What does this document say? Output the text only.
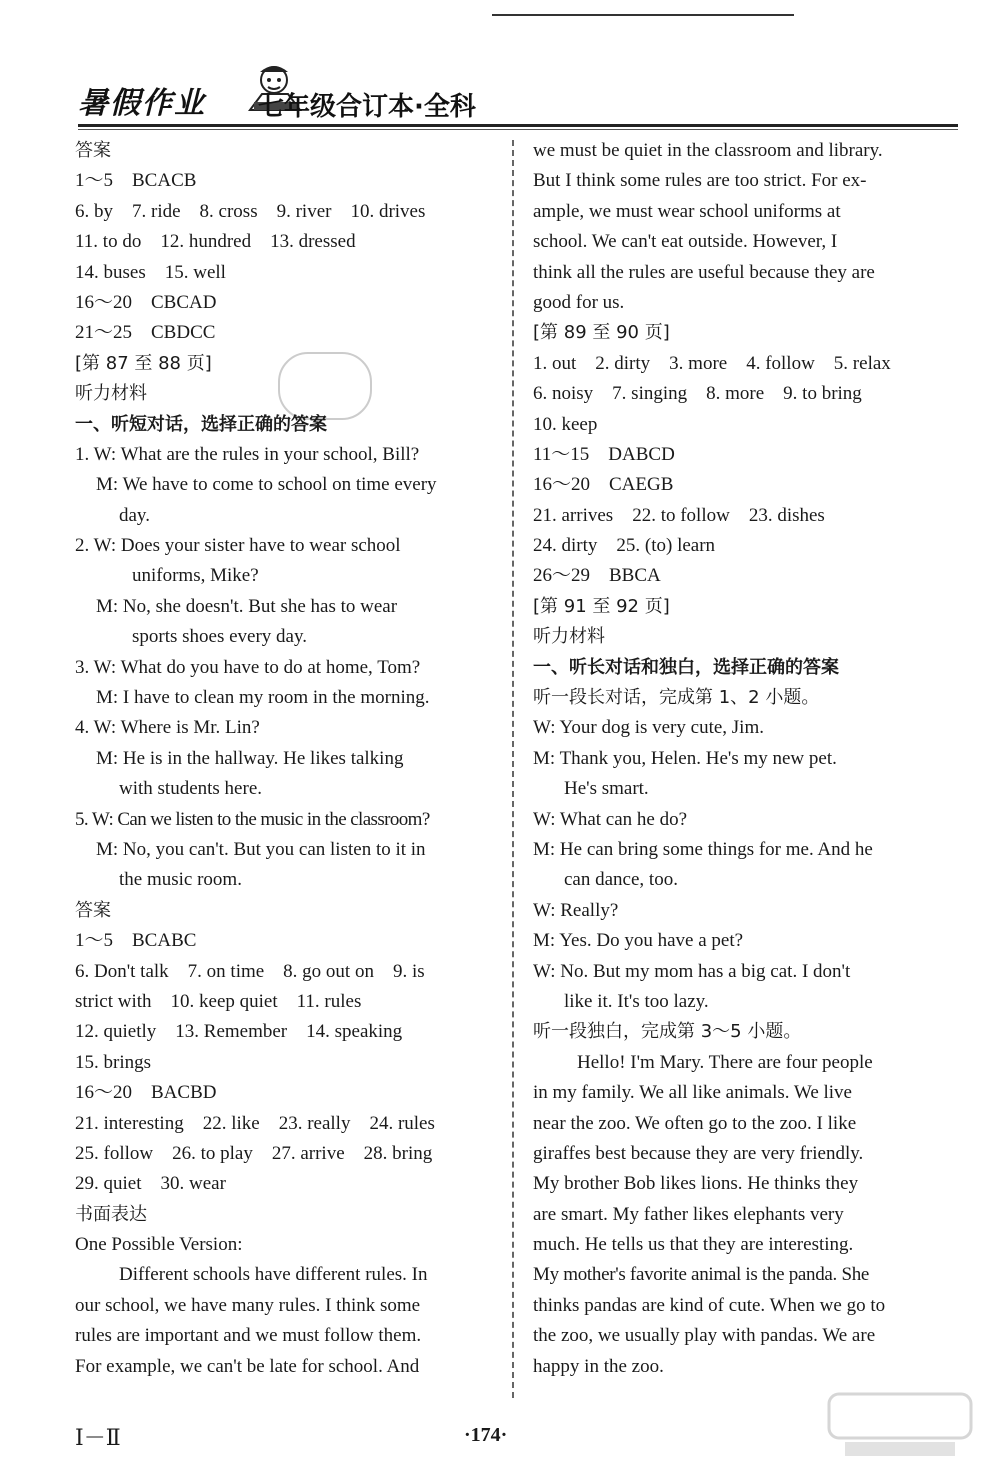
暑假作业 七年级合订本·全科
答案
1～5　BCACB
6. by　7. ride　8. cross　9. river　10. drives
11. to do　12. hundred　13. dressed
14. buses　15. well
16～20　CBCAD
21～25　CBDCC
[第 87 至 88 页]
听力材料
一、听短对话，选择正确的答案
1. W: What are the rules in your school, Bill?
M: We have to come to school on time every
day.
2. W: Does your sister have to wear school
uniforms, Mike?
M: No, she doesn't. But she has to wear
sports shoes every day.
3. W: What do you have to do at home, Tom?
M: I have to clean my room in the morning.
4. W: Where is Mr. Lin?
M: He is in the hallway. He likes talking
with students here.
5. W: Can we listen to the music in the classroom?
M: No, you can't. But you can listen to it in
the music room.
答案
1～5　BCABC
6. Don't talk　7. on time　8. go out on　9. is
strict with　10. keep quiet　11. rules
12. quietly　13. Remember　14. speaking
15. brings
16～20　BACBD
21. interesting　22. like　23. really　24. rules
25. follow　26. to play　27. arrive　28. bring
29. quiet　30. wear
书面表达
One Possible Version:
Different schools have different rules. In
our school, we have many rules. I think some
rules are important and we must follow them.
For example, we can't be late for school. And
we must be quiet in the classroom and library.
But I think some rules are too strict. For ex-
ample, we must wear school uniforms at
school. We can't eat outside. However, I
think all the rules are useful because they are
good for us.
[第 89 至 90 页]
1. out　2. dirty　3. more　4. follow　5. relax
6. noisy　7. singing　8. more　9. to bring
10. keep
11～15　DABCD
16～20　CAEGB
21. arrives　22. to follow　23. dishes
24. dirty　25. (to) learn
26～29　BBCA
[第 91 至 92 页]
听力材料
一、听长对话和独白，选择正确的答案
听一段长对话，完成第 1、2 小题。
W: Your dog is very cute, Jim.
M: Thank you, Helen. He's my new pet.
He's smart.
W: What can he do?
M: He can bring some things for me. And he
can dance, too.
W: Really?
M: Yes. Do you have a pet?
W: No. But my mom has a big cat. I don't
like it. It's too lazy.
听一段独白，完成第 3～5 小题。
Hello! I'm Mary. There are four people
in my family. We all like animals. We live
near the zoo. We often go to the zoo. I like
giraffes best because they are very friendly.
My brother Bob likes lions. He thinks they
are smart. My father likes elephants very
much. He tells us that they are interesting.
My mother's favorite animal is the panda. She
thinks pandas are kind of cute. When we go to
the zoo, we usually play with pandas. We are
happy in the zoo.
Ⅰ－Ⅱ	·174·
